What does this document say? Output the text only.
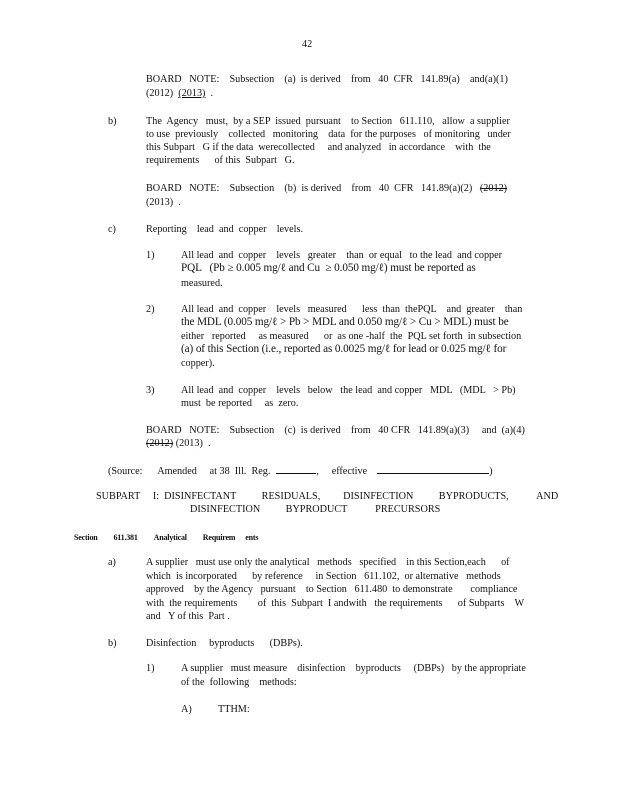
42
BOARD   NOTE:    Subsection    (a)  is derived    from   40  CFR   141.89(a)    and(a)(1)
(2012)  (2013)  .
b)	The  Agency   must,  by a SEP  issued  pursuant    to Section   611.110,   allow  a supplier
to use  previously    collected   monitoring    data  for the purposes   of monitoring   under
this Subpart   G if the data  werecollected     and analyzed   in accordance    with  the
requirements      of this  Subpart   G.
BOARD   NOTE:    Subsection    (b)  is derived    from   40  CFR   141.89(a)(2)   (2012)
(2013)  .
c)	Reporting    lead  and  copper    levels.
1)	All lead  and  copper    levels   greater    than  or equal   to the lead  and copper
PQL   (Pb ≥ 0.005 mg/ℓ and Cu  ≥ 0.050 mg/ℓ) must be reported as
measured.
2)	All lead  and  copper    levels   measured      less  than  thePQL    and  greater    than
the MDL (0.005 mg/ℓ > Pb > MDL and 0.050 mg/ℓ > Cu > MDL) must be
either   reported     as measured      or  as one -half  the  PQL set forth  in subsection
(a) of this Section (i.e., reported as 0.0025 mg/ℓ for lead or 0.025 mg/ℓ for
copper).
3)	All lead  and  copper    levels   below   the lead  and copper   MDL   (MDL   > Pb)
must  be reported     as  zero.
BOARD   NOTE:    Subsection    (c)  is derived    from   40 CFR   141.89(a)(3)     and  (a)(4)
(2012) (2013)  .
(Source:      Amended     at 38  Ill.  Reg.	,     effective	)
SUBPART     I:  DISINFECTANT          RESIDUALS,         DISINFECTION          BYPRODUCTS,           AND
DISINFECTION          BYPRODUCT           PRECURSORS
Section 611.381 Analytical Requirem ents
a)	A supplier   must use only the analytical   methods   specified    in this Section,each      of
which  is incorporated      by reference     in Section   611.102,  or alternative   methods
approved    by the Agency   pursuant    to Section   611.480  to demonstrate       compliance
with  the requirements        of  this  Subpart  I andwith   the requirements      of Subparts    W
and   Y of this  Part .
b)	Disinfection     byproducts      (DBPs).
1)	A supplier   must measure    disinfection    byproducts     (DBPs)   by the appropriate
of the  following    methods:
A)	TTHM:
